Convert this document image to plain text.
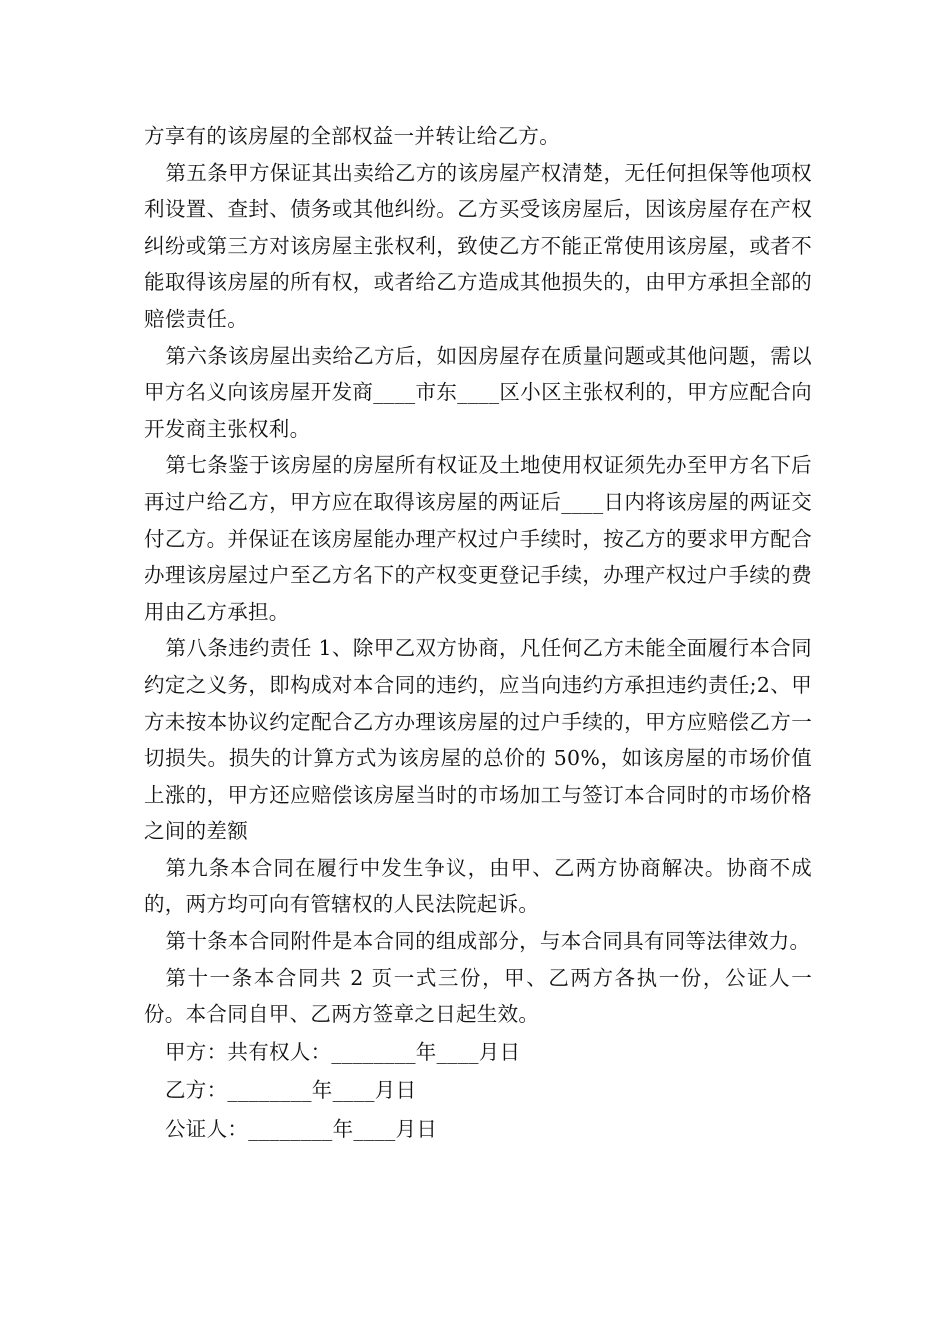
方享有的该房屋的全部权益一并转让给乙方。

第五条甲方保证其出卖给乙方的该房屋产权清楚，无任何担保等他项权利设置、查封、债务或其他纠纷。乙方买受该房屋后，因该房屋存在产权纠纷或第三方对该房屋主张权利，致使乙方不能正常使用该房屋，或者不能取得该房屋的所有权，或者给乙方造成其他损失的，由甲方承担全部的赔偿责任。

第六条该房屋出卖给乙方后，如因房屋存在质量问题或其他问题，需以甲方名义向该房屋开发商____市东____区小区主张权利的，甲方应配合向开发商主张权利。

第七条鉴于该房屋的房屋所有权证及土地使用权证须先办至甲方名下后再过户给乙方，甲方应在取得该房屋的两证后____日内将该房屋的两证交付乙方。并保证在该房屋能办理产权过户手续时，按乙方的要求甲方配合办理该房屋过户至乙方名下的产权变更登记手续，办理产权过户手续的费用由乙方承担。

第八条违约责任 1、除甲乙双方协商，凡任何乙方未能全面履行本合同约定之义务，即构成对本合同的违约，应当向违约方承担违约责任;2、甲方未按本协议约定配合乙方办理该房屋的过户手续的，甲方应赔偿乙方一切损失。损失的计算方式为该房屋的总价的 50%，如该房屋的市场价值上涨的，甲方还应赔偿该房屋当时的市场加工与签订本合同时的市场价格之间的差额

第九条本合同在履行中发生争议，由甲、乙两方协商解决。协商不成的，两方均可向有管辖权的人民法院起诉。

第十条本合同附件是本合同的组成部分，与本合同具有同等法律效力。

第十一条本合同共 2 页一式三份，甲、乙两方各执一份，公证人一份。本合同自甲、乙两方签章之日起生效。

甲方：共有权人：________年____月日

乙方：________年____月日

公证人：________年____月日
